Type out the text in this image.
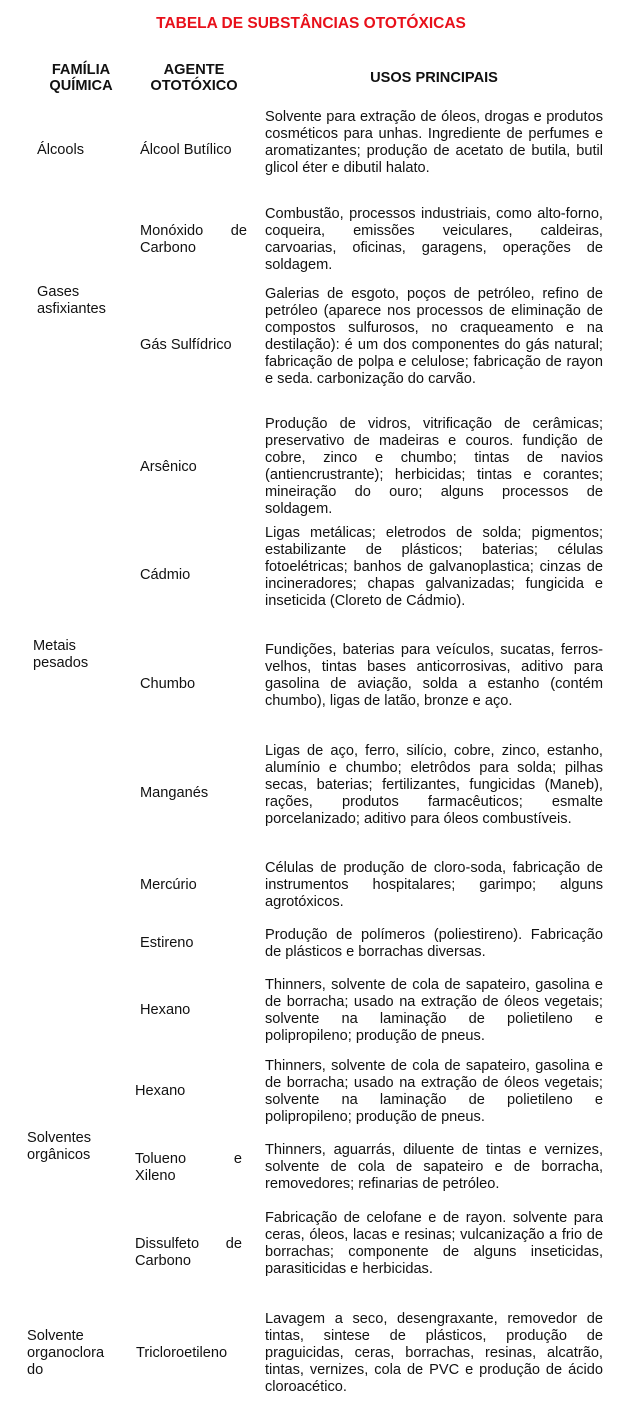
TABELA DE SUBSTÂNCIAS OTOTÓXICAS
FAMÍLIA
QUÍMICA
AGENTE
OTOTÓXICO	USOS PRINCIPAIS
Álcools
Gases
asfixiantes
Metais
pesados
Solventes
orgânicos
Solvente
organoclora
do
Álcool Butílico
Solvente para extração de óleos, drogas e produtos cosméticos para unhas. Ingrediente de perfumes e aromatizantes; produção de acetato de butila, butil glicol éter e dibutil halato.
Monóxido de
Carbono
Combustão, processos industriais, como alto-forno, coqueira, emissões veiculares, caldeiras, carvoarias, oficinas, garagens, operações de soldagem.
Gás Sulfídrico
Galerias de esgoto, poços de petróleo, refino de petróleo (aparece nos processos de eliminação de compostos sulfurosos, no craqueamento e na destilação): é um dos componentes do gás natural; fabricação de polpa e celulose; fabricação de rayon e seda. carbonização do carvão.
Arsênico
Produção de vidros, vitrificação de cerâmicas; preservativo de madeiras e couros. fundição de cobre, zinco e chumbo; tintas de navios (antiencrustrante); herbicidas; tintas e corantes; mineiração do ouro; alguns processos de soldagem.
Cádmio
Ligas metálicas; eletrodos de solda; pigmentos; estabilizante de plásticos; baterias; células fotoelétricas; banhos de galvanoplastica; cinzas de incineradores; chapas galvanizadas; fungicida e inseticida (Cloreto de Cádmio).
Chumbo
Fundições, baterias para veículos, sucatas, ferros-velhos, tintas bases anticorrosivas, aditivo para gasolina de aviação, solda a estanho (contém chumbo), ligas de latão, bronze e aço.
Manganés
Ligas de aço, ferro, silício, cobre, zinco, estanho, alumínio e chumbo; eletrôdos para solda; pilhas secas, baterias; fertilizantes, fungicidas (Maneb), rações, produtos farmacêuticos; esmalte porcelanizado; aditivo para óleos combustíveis.
Mercúrio
Células de produção de cloro-soda, fabricação de instrumentos hospitalares; garimpo; alguns agrotóxicos.
Estireno	Produção de polímeros (poliestireno). Fabricação de plásticos e borrachas diversas.
Hexano
Thinners, solvente de cola de sapateiro, gasolina e de borracha; usado na extração de óleos vegetais; solvente na laminação de polietileno e polipropileno; produção de pneus.
Hexano
Thinners, solvente de cola de sapateiro, gasolina e de borracha; usado na extração de óleos vegetais; solvente na laminação de polietileno e polipropileno; produção de pneus.
Tolueno e
Xileno
Thinners, aguarrás, diluente de tintas e vernizes, solvente de cola de sapateiro e de borracha, removedores; refinarias de petróleo.
Dissulfeto de
Carbono
Fabricação de celofane e de rayon. solvente para ceras, óleos, lacas e resinas; vulcanização a frio de borrachas; componente de alguns inseticidas, parasiticidas e herbicidas.
Tricloroetileno
Lavagem a seco, desengraxante, removedor de tintas, sintese de plásticos, produção de praguicidas, ceras, borrachas, resinas, alcatrão, tintas, vernizes, cola de PVC e produção de ácido cloroacético.
